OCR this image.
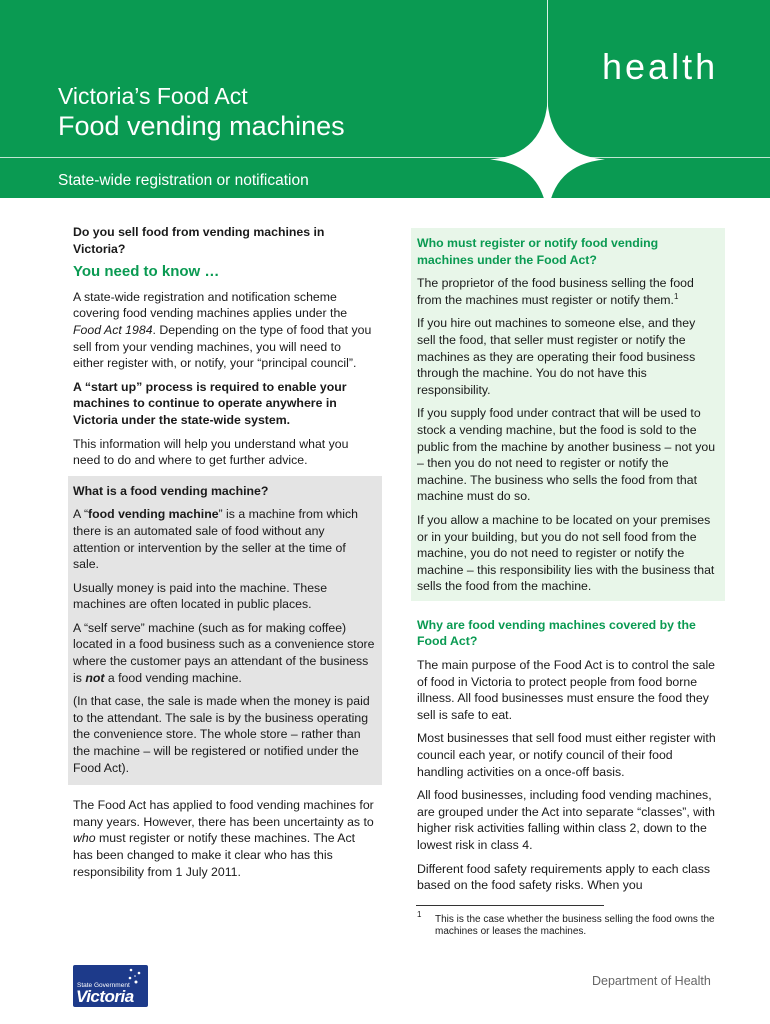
health
Victoria’s Food Act
Food vending machines
State-wide registration or notification

Do you sell food from vending machines in Victoria?

You need to know …

A state-wide registration and notification scheme covering food vending machines applies under the Food Act 1984. Depending on the type of food that you sell from your vending machines, you will need to either register with, or notify, your “principal council”.

A “start up” process is required to enable your machines to continue to operate anywhere in Victoria under the state-wide system.

This information will help you understand what you need to do and where to get further advice.

What is a food vending machine?

A “food vending machine” is a machine from which there is an automated sale of food without any attention or intervention by the seller at the time of sale.

Usually money is paid into the machine. These machines are often located in public places.

A “self serve” machine (such as for making coffee) located in a food business such as a convenience store where the customer pays an attendant of the business is not a food vending machine.

(In that case, the sale is made when the money is paid to the attendant. The sale is by the business operating the convenience store. The whole store – rather than the machine – will be registered or notified under the Food Act).

The Food Act has applied to food vending machines for many years. However, there has been uncertainty as to who must register or notify these machines. The Act has been changed to make it clear who has this responsibility from 1 July 2011.

Who must register or notify food vending machines under the Food Act?

The proprietor of the food business selling the food from the machines must register or notify them.$^1$

If you hire out machines to someone else, and they sell the food, that seller must register or notify the machines as they are operating their food business through the machine. You do not have this responsibility.

If you supply food under contract that will be used to stock a vending machine, but the food is sold to the public from the machine by another business – not you – then you do not need to register or notify the machine. The business who sells the food from that machine must do so.

If you allow a machine to be located on your premises or in your building, but you do not sell food from the machine, you do not need to register or notify the machine – this responsibility lies with the business that sells the food from the machine.

Why are food vending machines covered by the Food Act?

The main purpose of the Food Act is to control the sale of food in Victoria to protect people from food borne illness. All food businesses must ensure the food they sell is safe to eat.

Most businesses that sell food must either register with council each year, or notify council of their food handling activities on a once-off basis.

All food businesses, including food vending machines, are grouped under the Act into separate “classes”, with higher risk activities falling within class 2, down to the lowest risk in class 4.

Different food safety requirements apply to each class based on the food safety risks. When you

1 This is the case whether the business selling the food owns the machines or leases the machines.
State Government
Victoria
Department of Health
